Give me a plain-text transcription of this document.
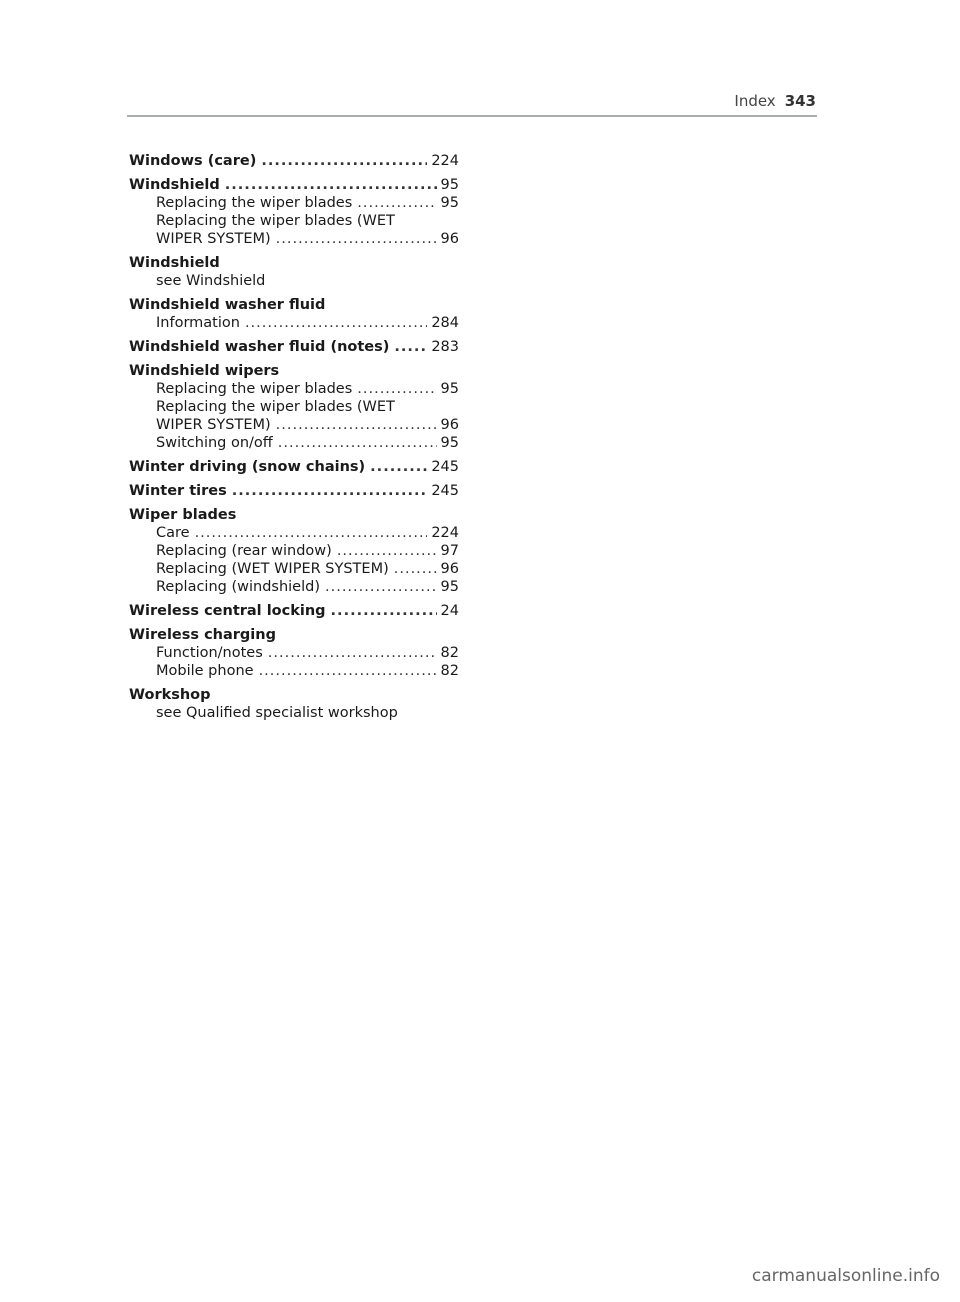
Index 343
Windows (care) .....	224
Windshield .....	95
Replacing the wiper blades .....	95
Replacing the wiper blades (WET
WIPER SYSTEM) .....	96
Windshield
see Windshield
Windshield washer fluid
Information .....	284
Windshield washer fluid (notes) .....	283
Windshield wipers
Replacing the wiper blades .....	95
Replacing the wiper blades (WET
WIPER SYSTEM) .....	96
Switching on/off .....	95
Winter driving (snow chains) .....	245
Winter tires .....	245
Wiper blades
Care .....	224
Replacing (rear window) .....	97
Replacing (WET WIPER SYSTEM) .....	96
Replacing (windshield) .....	95
Wireless central locking .....	24
Wireless charging
Function/notes .....	82
Mobile phone .....	82
Workshop
see Qualified specialist workshop
carmanualsonline.info
